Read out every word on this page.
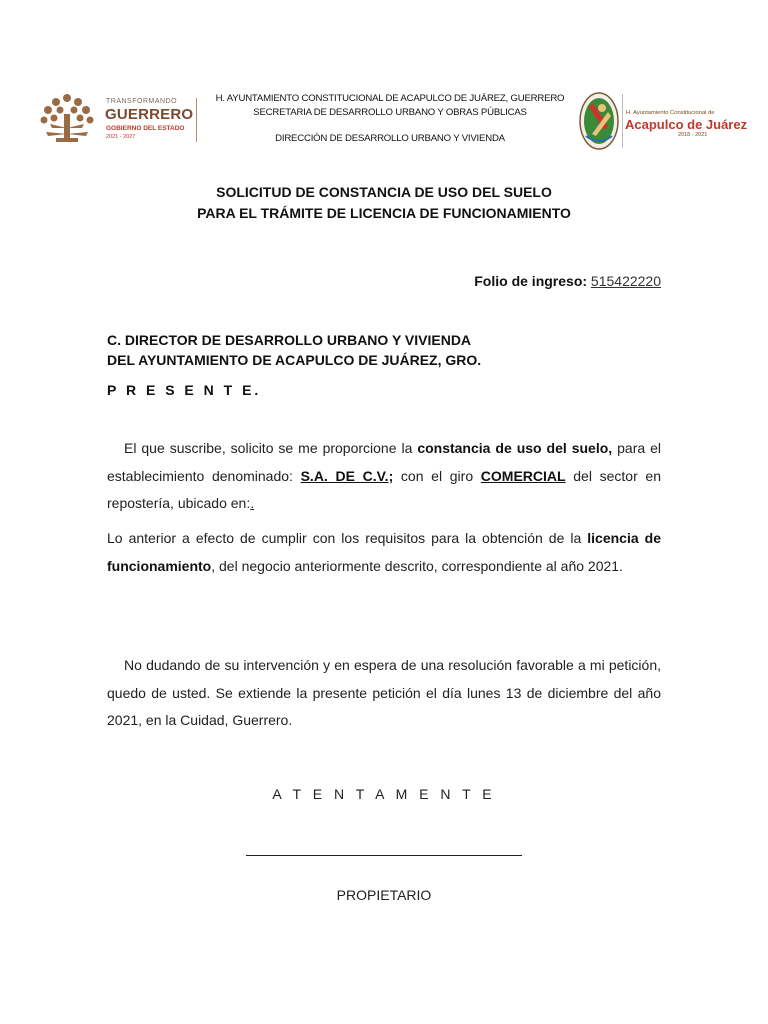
TRANSFORMANDO
GUERRERO
GOBIERNO DEL ESTADO
2021 - 2027
H. AYUNTAMIENTO CONSTITUCIONAL DE ACAPULCO DE JUÁREZ, GUERRERO
SECRETARIA DE DESARROLLO URBANO Y OBRAS PÚBLICAS
DIRECCIÓN DE DESARROLLO URBANO Y VIVIENDA
H. Ayuntamiento Constitucional de
Acapulco de Juárez
2018 - 2021
SOLICITUD DE CONSTANCIA DE USO DEL SUELO
PARA EL TRÁMITE DE LICENCIA DE FUNCIONAMIENTO
Folio de ingreso: 515422220
C. DIRECTOR DE DESARROLLO URBANO Y VIVIENDA
DEL AYUNTAMIENTO DE ACAPULCO DE JUÁREZ, GRO.
P R E S E N T E.
El que suscribe, solicito se me proporcione la constancia de uso del suelo, para el establecimiento denominado: S.A. DE C.V.; con el giro COMERCIAL del sector en repostería, ubicado en:.
Lo anterior a efecto de cumplir con los requisitos para la obtención de la licencia de funcionamiento, del negocio anteriormente descrito, correspondiente al año 2021.
No dudando de su intervención y en espera de una resolución favorable a mi petición, quedo de usted. Se extiende la presente petición el día lunes 13 de diciembre del año 2021, en la Cuidad, Guerrero.
A T E N T A M E N T E
PROPIETARIO
